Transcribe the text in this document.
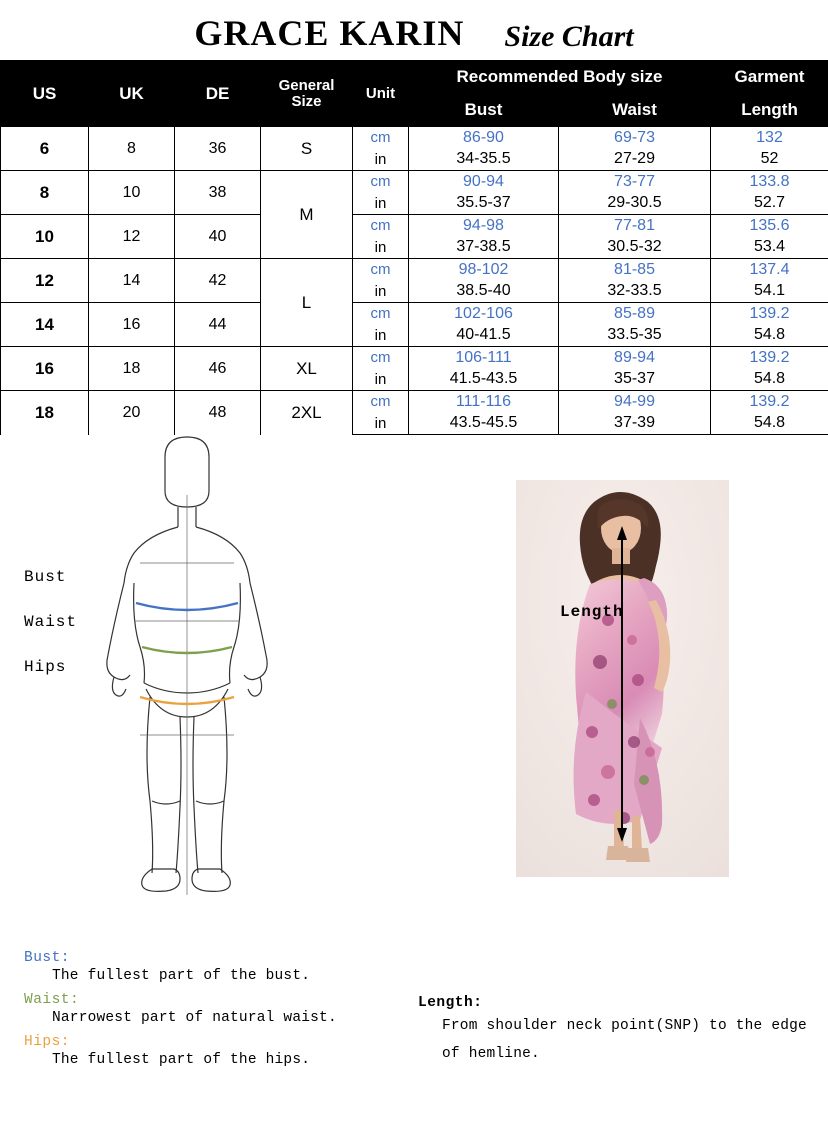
GRACE KARIN Size Chart
US	UK	DE	General Size	Unit	Recommended Body size		Garment
					Bust	Waist	Length
6	8	36	S	cm	86-90	69-73	132
				in	34-35.5	27-29	52
8	10	38	M	cm	90-94	73-77	133.8
				in	35.5-37	29-30.5	52.7
10	12	40		cm	94-98	77-81	135.6
				in	37-38.5	30.5-32	53.4
12	14	42	L	cm	98-102	81-85	137.4
				in	38.5-40	32-33.5	54.1
14	16	44		cm	102-106	85-89	139.2
				in	40-41.5	33.5-35	54.8
16	18	46	XL	cm	106-111	89-94	139.2
				in	41.5-43.5	35-37	54.8
18	20	48	2XL	cm	111-116	94-99	139.2
				in	43.5-45.5	37-39	54.8
Bust
Waist
Hips
Length
Bust:
The fullest part of the bust.
Waist:
Narrowest part of natural waist.
Hips:
The fullest part of the hips.
Length:
From shoulder neck point(SNP) to the edge of hemline.
